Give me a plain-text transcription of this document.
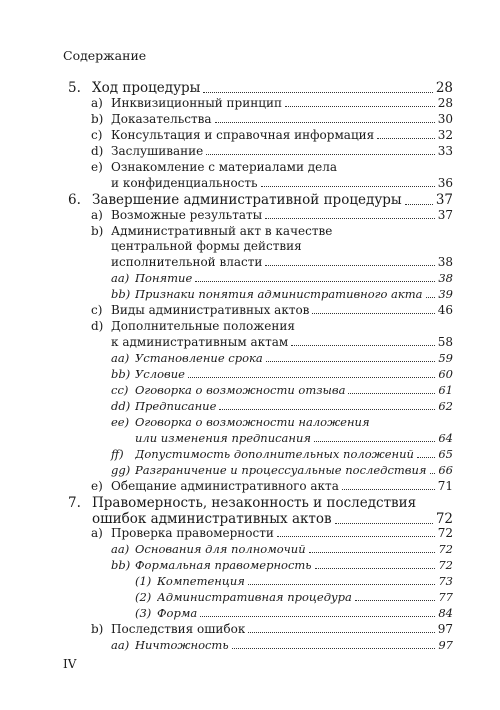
Содержание
5. Ход процедуры	28
a) Инквизиционный принцип	28
b) Доказательства	30
c) Консультация и справочная информация	32
d) Заслушивание	33
e) Ознакомление с материалами дела
и конфиденциальность	36
6. Завершение административной процедуры	37
a) Возможные результаты	37
b) Административный акт в качестве
центральной формы действия
исполнительной власти	38
aa) Понятие	38
bb) Признаки понятия административного акта 39
c) Виды административных актов	46
d) Дополнительные положения
к административным актам	58
aa) Установление срока	59
bb) Условие	60
cc) Оговорка о возможности отзыва	61
dd) Предписание	62
ee) Оговорка о возможности наложения
или изменения предписания	64
ff) Допустимость дополнительных положений 65
gg) Разграничение и процессуальные последствия 66
e) Обещание административного акта	71
7. Правомерность, незаконность и последствия
ошибок административных актов	72
a) Проверка правомерности	72
aa) Основания для полномочий	72
bb) Формальная правомерность	72
(1) Компетенция	73
(2) Административная процедура	77
(3) Форма	84
b) Последствия ошибок	97
aa) Ничтожность	97
IV
